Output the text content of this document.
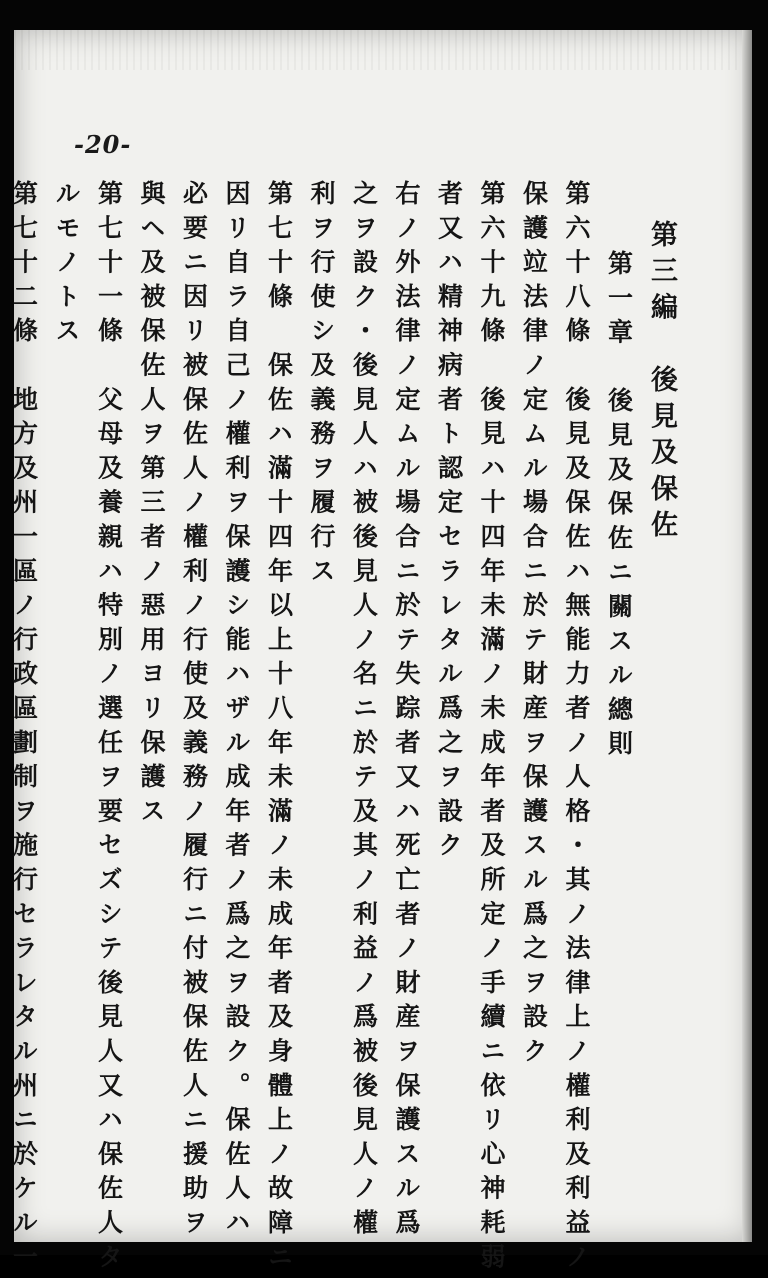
-20-
第三編　後見及保佐
第一章　後見及保佐ニ關スル總則
第六十八條　後見及保佐ハ無能力者ノ人格・其ノ法律上ノ權利及利益ノ
保護竝法律ノ定ムル場合ニ於テ財産ヲ保護スル爲之ヲ設ク
第六十九條　後見ハ十四年未滿ノ未成年者及所定ノ手續ニ依リ心神耗弱
者又ハ精神病者ト認定セラレタル爲之ヲ設ク
右ノ外法律ノ定ムル場合ニ於テ失踪者又ハ死亡者ノ財産ヲ保護スル爲
之ヲ設ク・後見人ハ被後見人ノ名ニ於テ及其ノ利益ノ爲被後見人ノ權
利ヲ行使シ及義務ヲ履行ス
第七十條　保佐ハ滿十四年以上十八年未滿ノ未成年者及身體上ノ故障ニ
因リ自ラ自己ノ權利ヲ保護シ能ハザル成年者ノ爲之ヲ設ク。保佐人ハ
必要ニ因リ被保佐人ノ權利ノ行使及義務ノ履行ニ付被保佐人ニ援助ヲ
與ヘ及被保佐人ヲ第三者ノ惡用ヨリ保護ス
第七十一條　父母及養親ハ特別ノ選任ヲ要セズシテ後見人又ハ保佐人タ
ルモノトス
第七十二條　地方及州一區ノ行政區劃制ヲ施行セラレタル州ニ於ケル一
